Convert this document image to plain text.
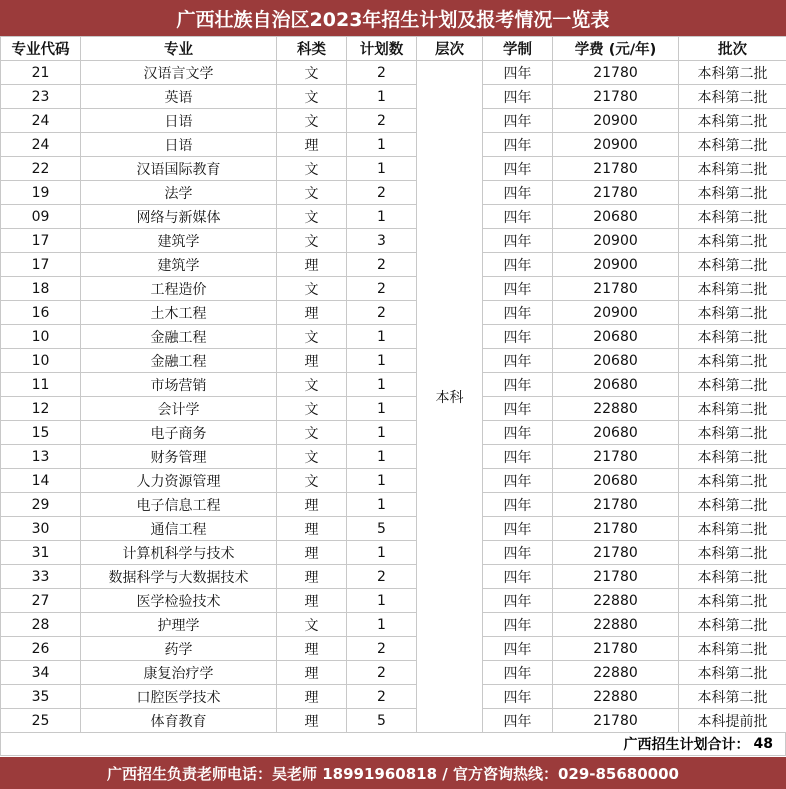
广西壮族自治区2023年招生计划及报考情况一览表
专业代码	专业	科类	计划数	层次	学制	学费 (元/年)	批次
21	汉语言文学	文	2	本科	四年	21780	本科第二批
23	英语	文	1		四年	21780	本科第二批
24	日语	文	2		四年	20900	本科第二批
24	日语	理	1		四年	20900	本科第二批
22	汉语国际教育	文	1		四年	21780	本科第二批
19	法学	文	2		四年	21780	本科第二批
09	网络与新媒体	文	1		四年	20680	本科第二批
17	建筑学	文	3		四年	20900	本科第二批
17	建筑学	理	2		四年	20900	本科第二批
18	工程造价	文	2		四年	21780	本科第二批
16	土木工程	理	2		四年	20900	本科第二批
10	金融工程	文	1		四年	20680	本科第二批
10	金融工程	理	1		四年	20680	本科第二批
11	市场营销	文	1		四年	20680	本科第二批
12	会计学	文	1		四年	22880	本科第二批
15	电子商务	文	1		四年	20680	本科第二批
13	财务管理	文	1		四年	21780	本科第二批
14	人力资源管理	文	1		四年	20680	本科第二批
29	电子信息工程	理	1		四年	21780	本科第二批
30	通信工程	理	5		四年	21780	本科第二批
31	计算机科学与技术	理	1		四年	21780	本科第二批
33	数据科学与大数据技术	理	2		四年	21780	本科第二批
27	医学检验技术	理	1		四年	22880	本科第二批
28	护理学	文	1		四年	22880	本科第二批
26	药学	理	2		四年	21780	本科第二批
34	康复治疗学	理	2		四年	22880	本科第二批
35	口腔医学技术	理	2		四年	22880	本科第二批
25	体育教育	理	5		四年	21780	本科提前批
广西招生计划合计： 48
广西招生负责老师电话：吴老师 18991960818 / 官方咨询热线：029-85680000
